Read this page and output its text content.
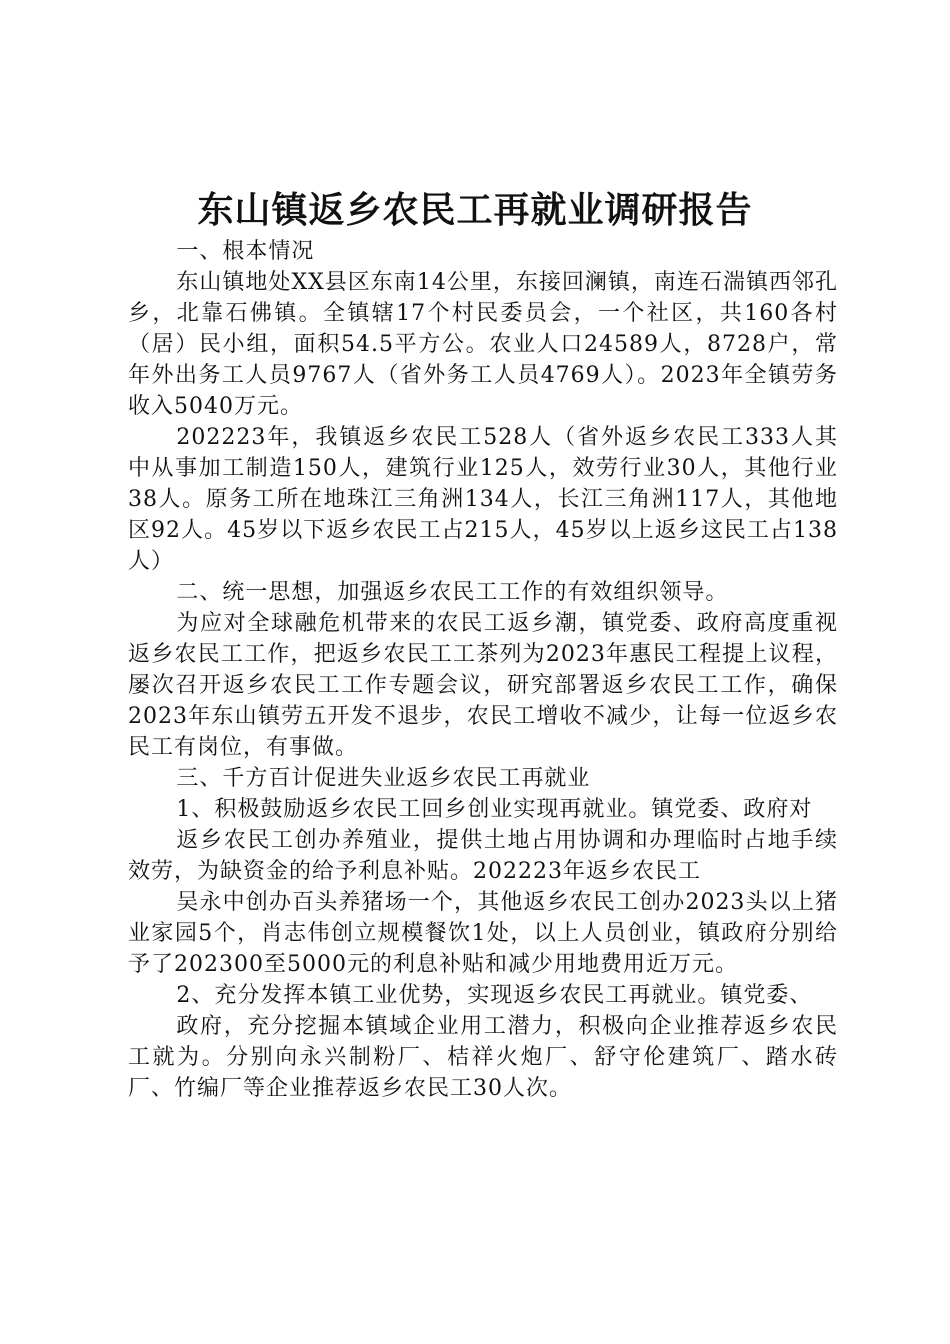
东山镇返乡农民工再就业调研报告

一、根本情况

东山镇地处XX县区东南14公里，东接回澜镇，南连石湍镇西邻孔乡，北靠石佛镇。全镇辖17个村民委员会，一个社区，共160各村（居）民小组，面积54.5平方公。农业人口24589人，8728户，常年外出务工人员9767人（省外务工人员4769人）。2023年全镇劳务收入5040万元。

202223年，我镇返乡农民工528人（省外返乡农民工333人其中从事加工制造150人，建筑行业125人，效劳行业30人，其他行业38人。原务工所在地珠江三角洲134人，长江三角洲117人，其他地区92人。45岁以下返乡农民工占215人，45岁以上返乡这民工占138人）

二、统一思想，加强返乡农民工工作的有效组织领导。

为应对全球融危机带来的农民工返乡潮，镇党委、政府高度重视返乡农民工工作，把返乡农民工工茶列为2023年惠民工程提上议程，屡次召开返乡农民工工作专题会议，研究部署返乡农民工工作，确保2023年东山镇劳五开发不退步，农民工增收不减少，让每一位返乡农民工有岗位，有事做。

三、千方百计促进失业返乡农民工再就业

1、积极鼓励返乡农民工回乡创业实现再就业。镇党委、政府对

返乡农民工创办养殖业，提供土地占用协调和办理临时占地手续效劳，为缺资金的给予利息补贴。202223年返乡农民工

吴永中创办百头养猪场一个，其他返乡农民工创办2023头以上猪业家园5个，肖志伟创立规模餐饮1处，以上人员创业，镇政府分别给予了202300至5000元的利息补贴和减少用地费用近万元。

2、充分发挥本镇工业优势，实现返乡农民工再就业。镇党委、

政府，充分挖掘本镇域企业用工潜力，积极向企业推荐返乡农民工就为。分别向永兴制粉厂、桔祥火炮厂、舒守伦建筑厂、踏水砖厂、竹编厂等企业推荐返乡农民工30人次。
